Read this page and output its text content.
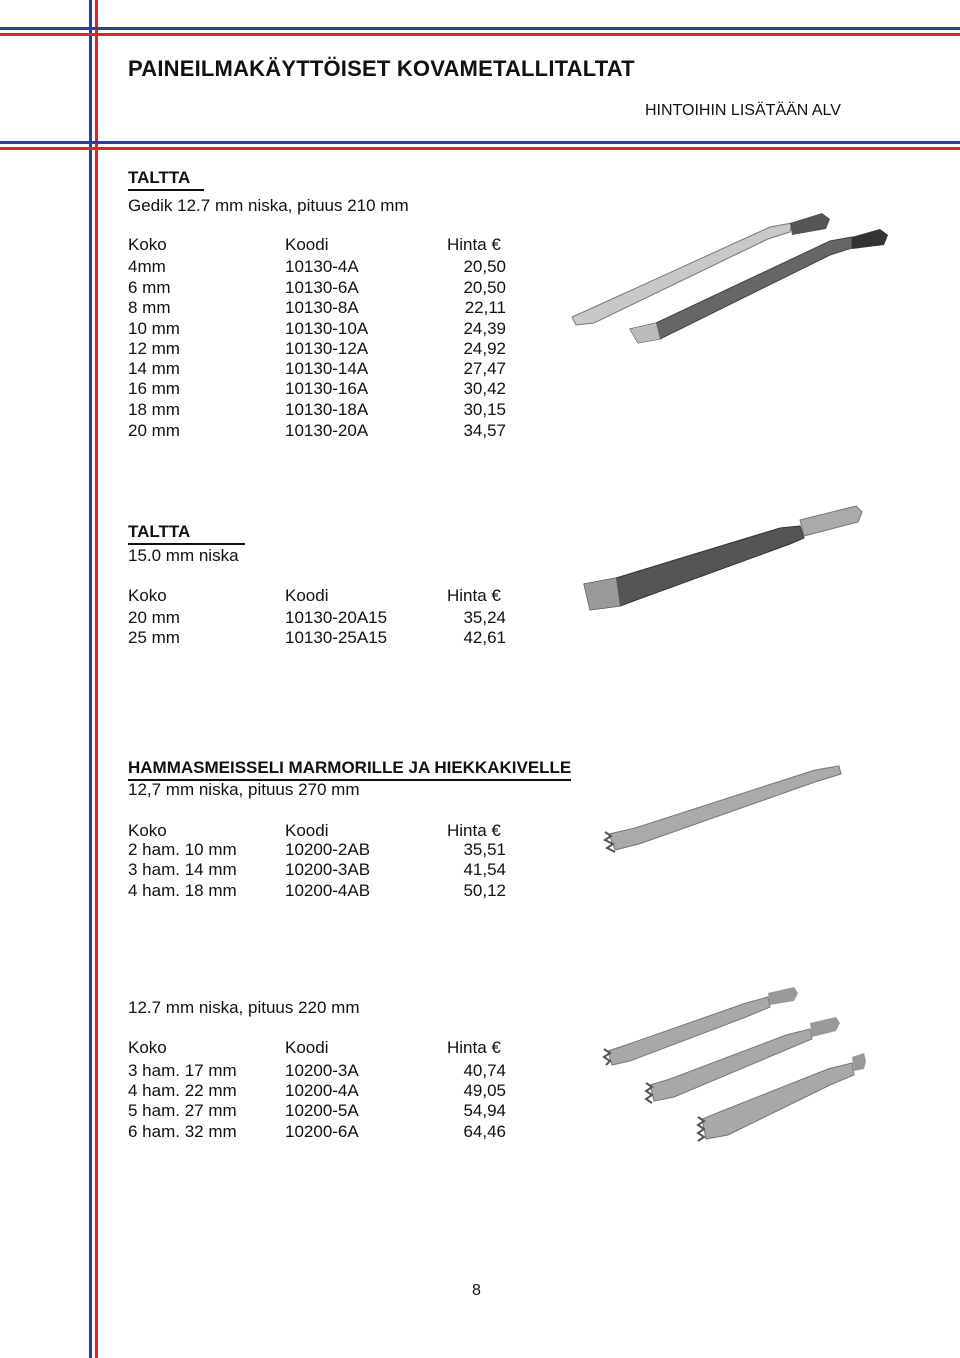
PAINEILMAKÄYTTÖISET KOVAMETALLITALTAT
HINTOIHIN LISÄTÄÄN ALV
TALTTA
Gedik 12.7 mm niska, pituus 210 mm
Koko	Koodi	Hinta €
4mm	10130-4A	20,50
6 mm	10130-6A	20,50
8 mm	10130-8A	22,11
10 mm	10130-10A	24,39
12 mm	10130-12A	24,92
14 mm	10130-14A	27,47
16 mm	10130-16A	30,42
18 mm	10130-18A	30,15
20 mm	10130-20A	34,57
TALTTA
15.0 mm niska
Koko	Koodi	Hinta €
20 mm	10130-20A15	35,24
25 mm	10130-25A15	42,61
HAMMASMEISSELI MARMORILLE JA HIEKKAKIVELLE
12,7 mm niska, pituus 270 mm
Koko	Koodi	Hinta €
2 ham. 10 mm	10200-2AB	35,51
3 ham. 14 mm	10200-3AB	41,54
4 ham. 18 mm	10200-4AB	50,12
12.7 mm niska, pituus 220 mm
Koko	Koodi	Hinta €
3 ham. 17 mm	10200-3A	40,74
4 ham. 22 mm	10200-4A	49,05
5 ham. 27 mm	10200-5A	54,94
6 ham. 32 mm	10200-6A	64,46
8
